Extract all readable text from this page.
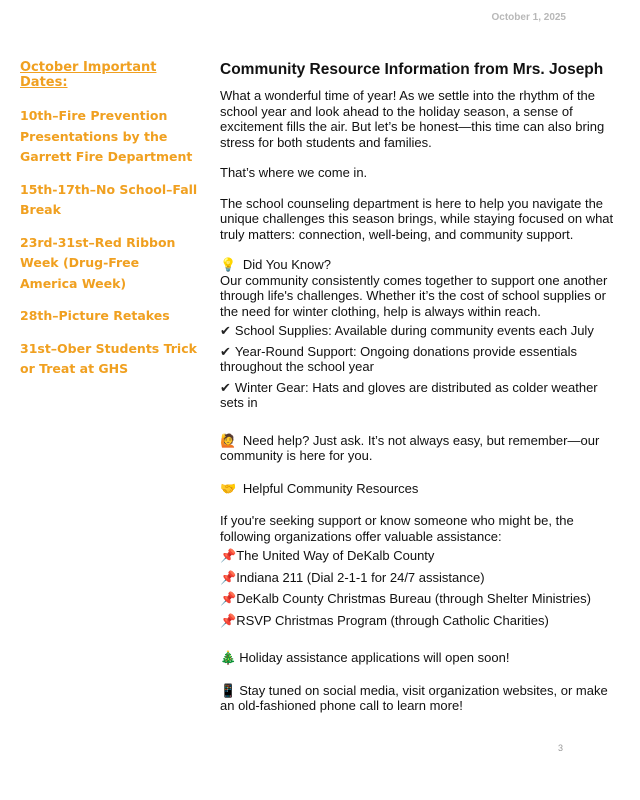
October 1, 2025
October Important Dates:
10th–Fire Prevention Presentations by the Garrett Fire Department
15th-17th–No School–Fall Break
23rd-31st–Red Ribbon Week (Drug-Free America Week)
28th–Picture Retakes
31st–Ober Students Trick or Treat at GHS
Community Resource Information from Mrs. Joseph

What a wonderful time of year! As we settle into the rhythm of the school year and look ahead to the holiday season, a sense of excitement fills the air. But let’s be honest—this time can also bring stress for both students and families.

That’s where we come in.

The school counseling department is here to help you navigate the unique challenges this season brings, while staying focused on what truly matters: connection, well-being, and community support.

💡 Did You Know?
Our community consistently comes together to support one another through life's challenges. Whether it’s the cost of school supplies or the need for winter clothing, help is always within reach.
✔ School Supplies: Available during community events each July
✔ Year-Round Support: Ongoing donations provide essentials throughout the school year
✔ Winter Gear: Hats and gloves are distributed as colder weather sets in
🙋 Need help? Just ask. It’s not always easy, but remember—our community is here for you.
🤝 Helpful Community Resources
If you're seeking support or know someone who might be, the following organizations offer valuable assistance:
📌The United Way of DeKalb County
📌Indiana 211 (Dial 2-1-1 for 24/7 assistance)
📌DeKalb County Christmas Bureau (through Shelter Ministries)
📌RSVP Christmas Program (through Catholic Charities)
🎄 Holiday assistance applications will open soon!
📱 Stay tuned on social media, visit organization websites, or make an old-fashioned phone call to learn more!
3
